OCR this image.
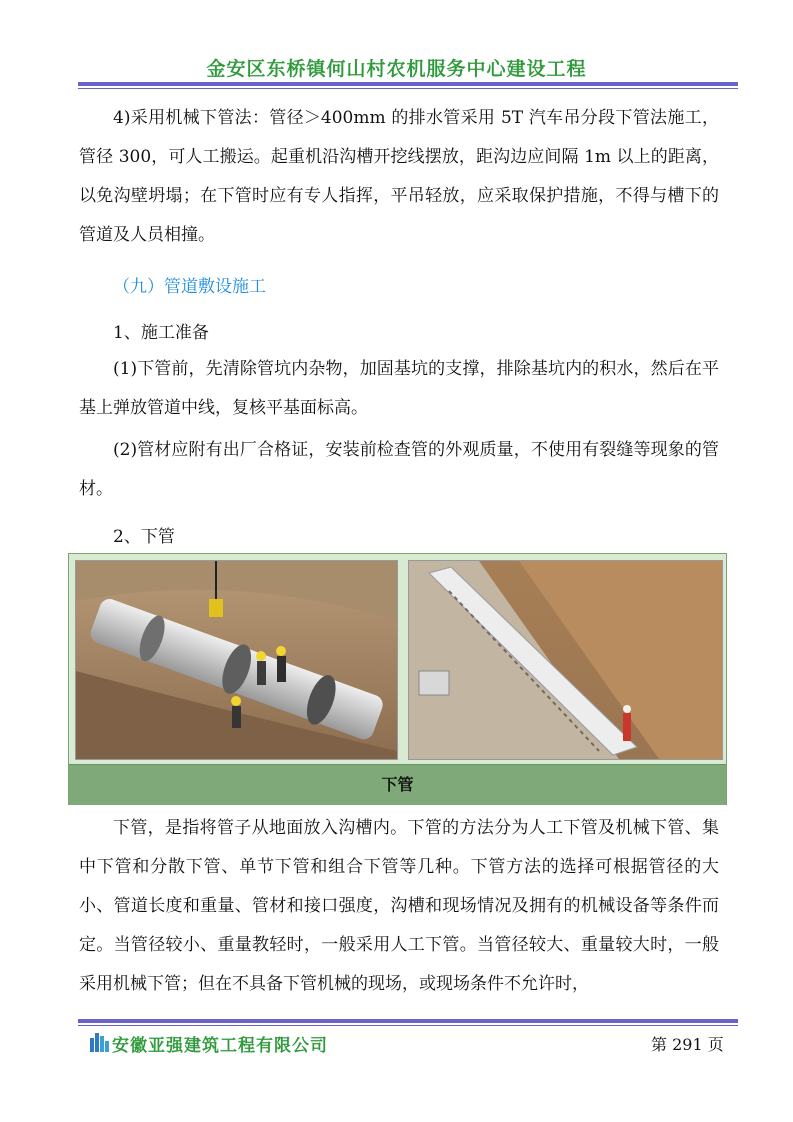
金安区东桥镇何山村农机服务中心建设工程
4)采用机械下管法：管径＞400mm 的排水管采用 5T 汽车吊分段下管法施工，管径 300，可人工搬运。起重机沿沟槽开挖线摆放，距沟边应间隔 1m 以上的距离，以免沟壁坍塌；在下管时应有专人指挥，平吊轻放，应采取保护措施，不得与槽下的管道及人员相撞。
（九）管道敷设施工
1、施工准备
(1)下管前，先清除管坑内杂物，加固基坑的支撑，排除基坑内的积水，然后在平基上弹放管道中线，复核平基面标高。
(2)管材应附有出厂合格证，安装前检查管的外观质量，不使用有裂缝等现象的管材。
2、下管
下管
下管，是指将管子从地面放入沟槽内。下管的方法分为人工下管及机械下管、集中下管和分散下管、单节下管和组合下管等几种。下管方法的选择可根据管径的大小、管道长度和重量、管材和接口强度，沟槽和现场情况及拥有的机械设备等条件而定。当管径较小、重量教轻时，一般采用人工下管。当管径较大、重量较大时，一般采用机械下管；但在不具备下管机械的现场，或现场条件不允许时，
安徽亚强建筑工程有限公司	第 291 页
